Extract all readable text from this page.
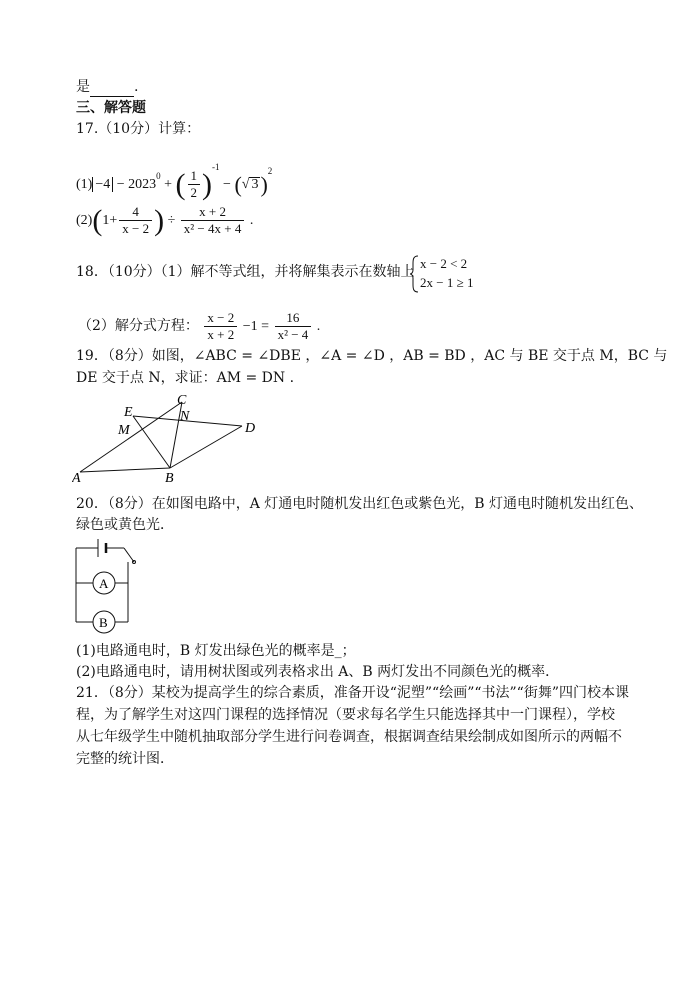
是	.
三、解答题
17.（10分）计算：
$(1) -4 - 2023^0$ + ( $\frac{1}{2} )^{-1}$ − (√ 3)$^2$
$(2)(1+ \frac{4}{x - 2}$ ) ÷ $\frac{x + 2}{\text{x² − 4x + 4}}$ .
18．（10分）（1）解不等式组，并将解集表示在数轴上
x − 2 < 2
2x − 1 ≥ 1
（2）解分式方程： $\frac{x - 2}{x + 2} -1 = \frac{16}{\text{x² − 4}}$ .
19．（8分）如图，∠ABC = ∠DBE ，∠A = ∠D ，AB = BD ，AC 与 BE 交于点 M，BC 与
DE 交于点 N，求证：AM = DN .
A	B
C
D
E
M
N
20．（8分）在如图电路中，A 灯通电时随机发出红色或紫色光，B 灯通电时随机发出红色、
绿色或黄色光．
A
B
(1)电路通电时，B 灯发出绿色光的概率是_；
(2)电路通电时，请用树状图或列表格求出 A、B 两灯发出不同颜色光的概率．
21．（8分）某校为提高学生的综合素质，准备开设“泥塑”“绘画”“书法”“街舞”四门校本课
程，为了解学生对这四门课程的选择情况（要求每名学生只能选择其中一门课程），学校
从七年级学生中随机抽取部分学生进行问卷调查，根据调查结果绘制成如图所示的两幅不
完整的统计图．
